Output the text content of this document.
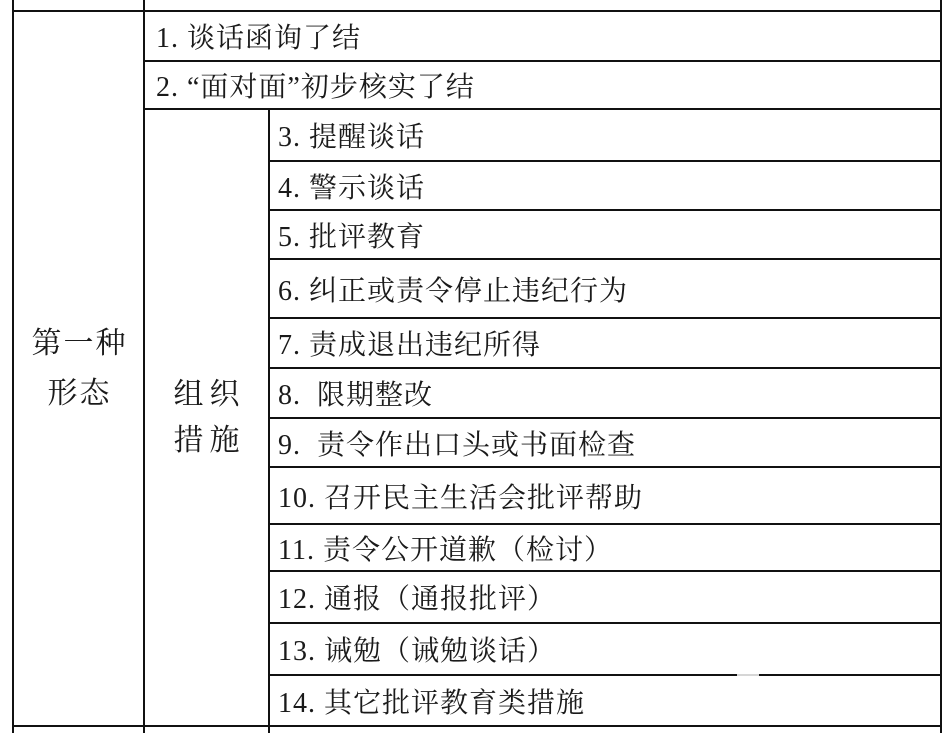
第一种
形态 组织
措施
1. 谈话函询了结
2. “面对面”初步核实了结
3. 提醒谈话
4. 警示谈话
5. 批评教育
6. 纠正或责令停止违纪行为
7. 责成退出违纪所得
8.  限期整改
9.  责令作出口头或书面检查
10. 召开民主生活会批评帮助
11. 责令公开道歉（检讨）
12. 通报（通报批评）
13. 诫勉（诫勉谈话）
14. 其它批评教育类措施
